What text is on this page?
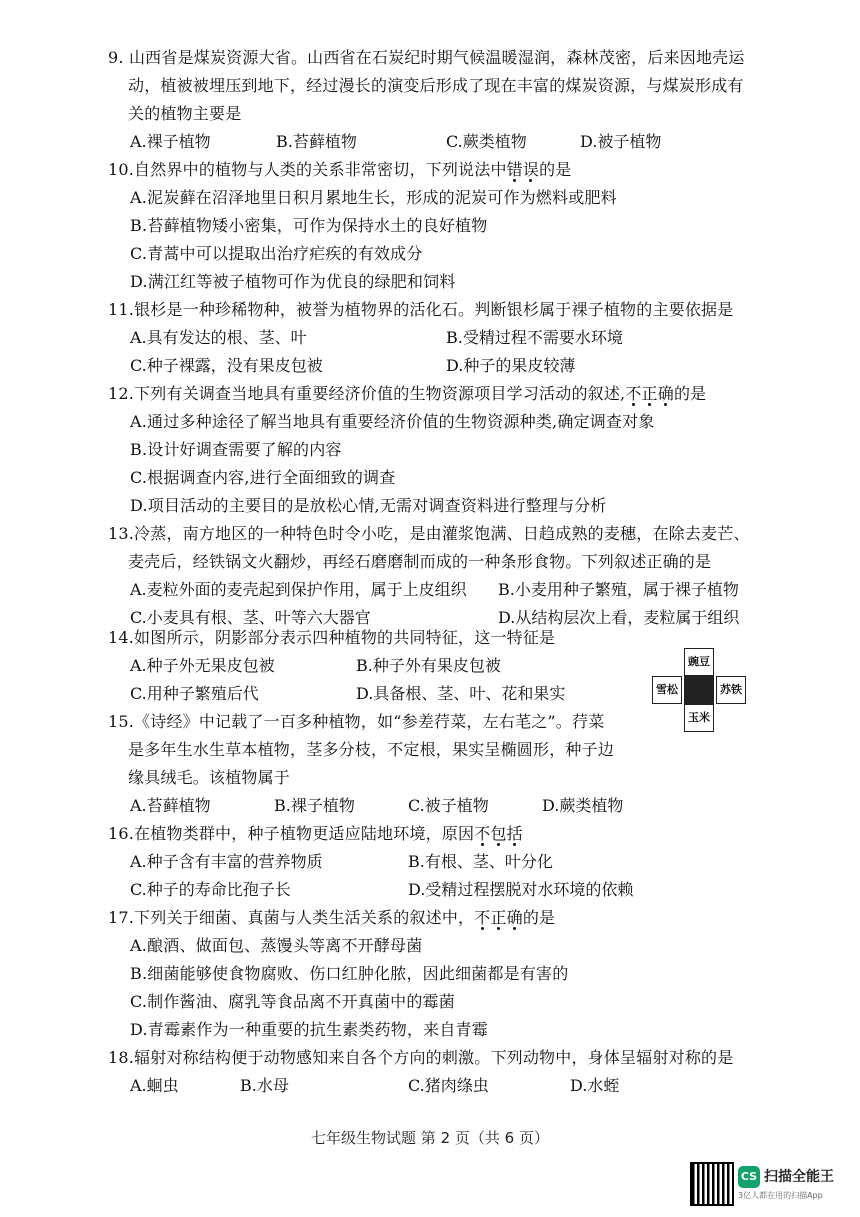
9. 山西省是煤炭资源大省。山西省在石炭纪时期气候温暖湿润，森林茂密，后来因地壳运
动，植被被埋压到地下，经过漫长的演变后形成了现在丰富的煤炭资源，与煤炭形成有
关的植物主要是
A.裸子植物	B.苔藓植物	C.蕨类植物	D.被子植物
10.自然界中的植物与人类的关系非常密切，下列说法中错误的是
A.泥炭藓在沼泽地里日积月累地生长，形成的泥炭可作为燃料或肥料
B.苔藓植物矮小密集，可作为保持水土的良好植物
C.青蒿中可以提取出治疗疟疾的有效成分
D.满江红等被子植物可作为优良的绿肥和饲料
11.银杉是一种珍稀物种，被誉为植物界的活化石。判断银杉属于裸子植物的主要依据是
A.具有发达的根、茎、叶	B.受精过程不需要水环境
C.种子裸露，没有果皮包被	D.种子的果皮较薄
12.下列有关调查当地具有重要经济价值的生物资源项目学习活动的叙述,不正确的是
A.通过多种途径了解当地具有重要经济价值的生物资源种类,确定调查对象
B.设计好调查需要了解的内容
C.根据调查内容,进行全面细致的调查
D.项目活动的主要目的是放松心情,无需对调查资料进行整理与分析
13.冷蒸，南方地区的一种特色时令小吃，是由灌浆饱满、日趋成熟的麦穗，在除去麦芒、
麦壳后，经铁锅文火翻炒，再经石磨磨制而成的一种条形食物。下列叙述正确的是
A.麦粒外面的麦壳起到保护作用，属于上皮组织 B.小麦用种子繁殖，属于裸子植物
C.小麦具有根、茎、叶等六大器官	D.从结构层次上看，麦粒属于组织
14.如图所示，阴影部分表示四种植物的共同特征，这一特征是
A.种子外无果皮包被	B.种子外有果皮包被
C.用种子繁殖后代	D.具备根、茎、叶、花和果实
豌豆
雪松	苏铁
玉米
15.《诗经》中记载了一百多种植物，如“参差荇菜，左右芼之”。荇菜
是多年生水生草本植物，茎多分枝，不定根，果实呈椭圆形，种子边
缘具绒毛。该植物属于
A.苔藓植物	B.裸子植物	C.被子植物	D.蕨类植物
16.在植物类群中，种子植物更适应陆地环境，原因不包括
A.种子含有丰富的营养物质	B.有根、茎、叶分化
C.种子的寿命比孢子长	D.受精过程摆脱对水环境的依赖
17.下列关于细菌、真菌与人类生活关系的叙述中，不正确的是
A.酿酒、做面包、蒸馒头等离不开酵母菌
B.细菌能够使食物腐败、伤口红肿化脓，因此细菌都是有害的
C.制作酱油、腐乳等食品离不开真菌中的霉菌
D.青霉素作为一种重要的抗生素类药物，来自青霉
18.辐射对称结构便于动物感知来自各个方向的刺激。下列动物中，身体呈辐射对称的是
A.蛔虫	B.水母	C.猪肉绦虫	D.水蛭
七年级生物试题 第 2 页（共 6 页）
CS 扫描全能王
3亿人都在用的扫描App
